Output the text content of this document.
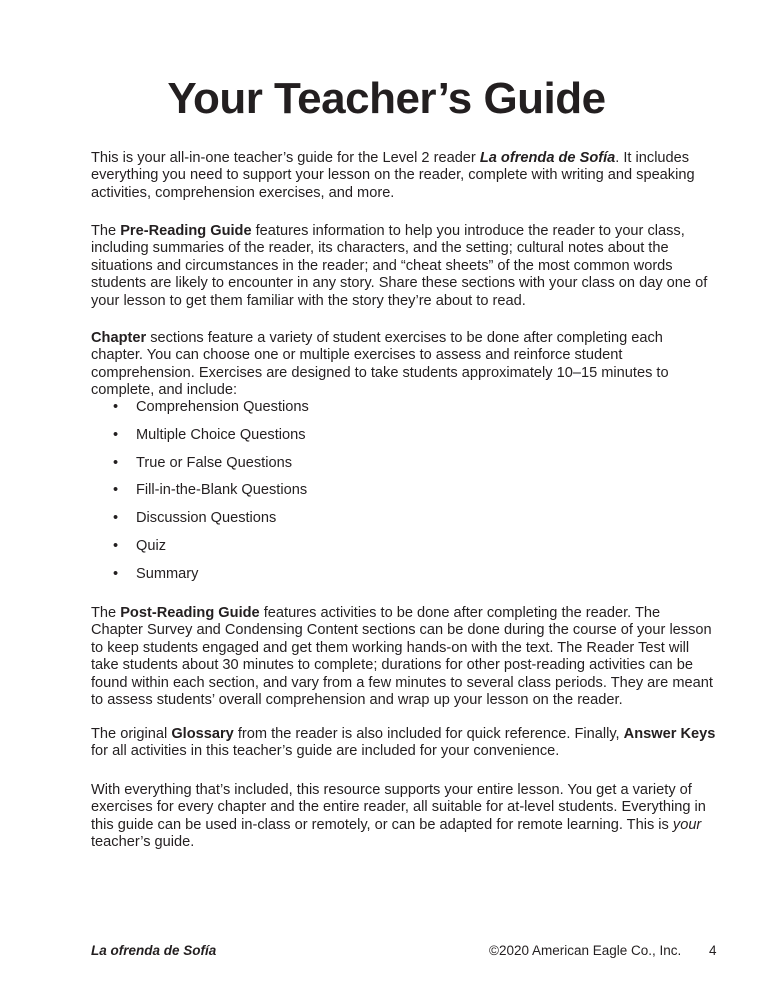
Your Teacher’s Guide

This is your all-in-one teacher’s guide for the Level 2 reader La ofrenda de Sofía. It includes everything you need to support your lesson on the reader, complete with writing and speaking activities, comprehension exercises, and more.

The Pre-Reading Guide features information to help you introduce the reader to your class, including summaries of the reader, its characters, and the setting; cultural notes about the situations and circumstances in the reader; and “cheat sheets” of the most common words students are likely to encounter in any story. Share these sections with your class on day one of your lesson to get them familiar with the story they’re about to read.

Chapter sections feature a variety of student exercises to be done after completing each chapter. You can choose one or multiple exercises to assess and reinforce student comprehension. Exercises are designed to take students approximately 10–15 minutes to complete, and include:

• Comprehension Questions
• Multiple Choice Questions
• True or False Questions
• Fill-in-the-Blank Questions
• Discussion Questions
• Quiz
• Summary

The Post-Reading Guide features activities to be done after completing the reader. The Chapter Survey and Condensing Content sections can be done during the course of your lesson to keep students engaged and get them working hands-on with the text. The Reader Test will take students about 30 minutes to complete; durations for other post-reading activities can be found within each section, and vary from a few minutes to several class periods. They are meant to assess students’ overall comprehension and wrap up your lesson on the reader.

The original Glossary from the reader is also included for quick reference. Finally, Answer Keys for all activities in this teacher’s guide are included for your convenience.

With everything that’s included, this resource supports your entire lesson. You get a variety of exercises for every chapter and the entire reader, all suitable for at-level students. Everything in this guide can be used in-class or remotely, or can be adapted for remote learning. This is your teacher’s guide.

La ofrenda de Sofía	©2020 American Eagle Co., Inc. 4
